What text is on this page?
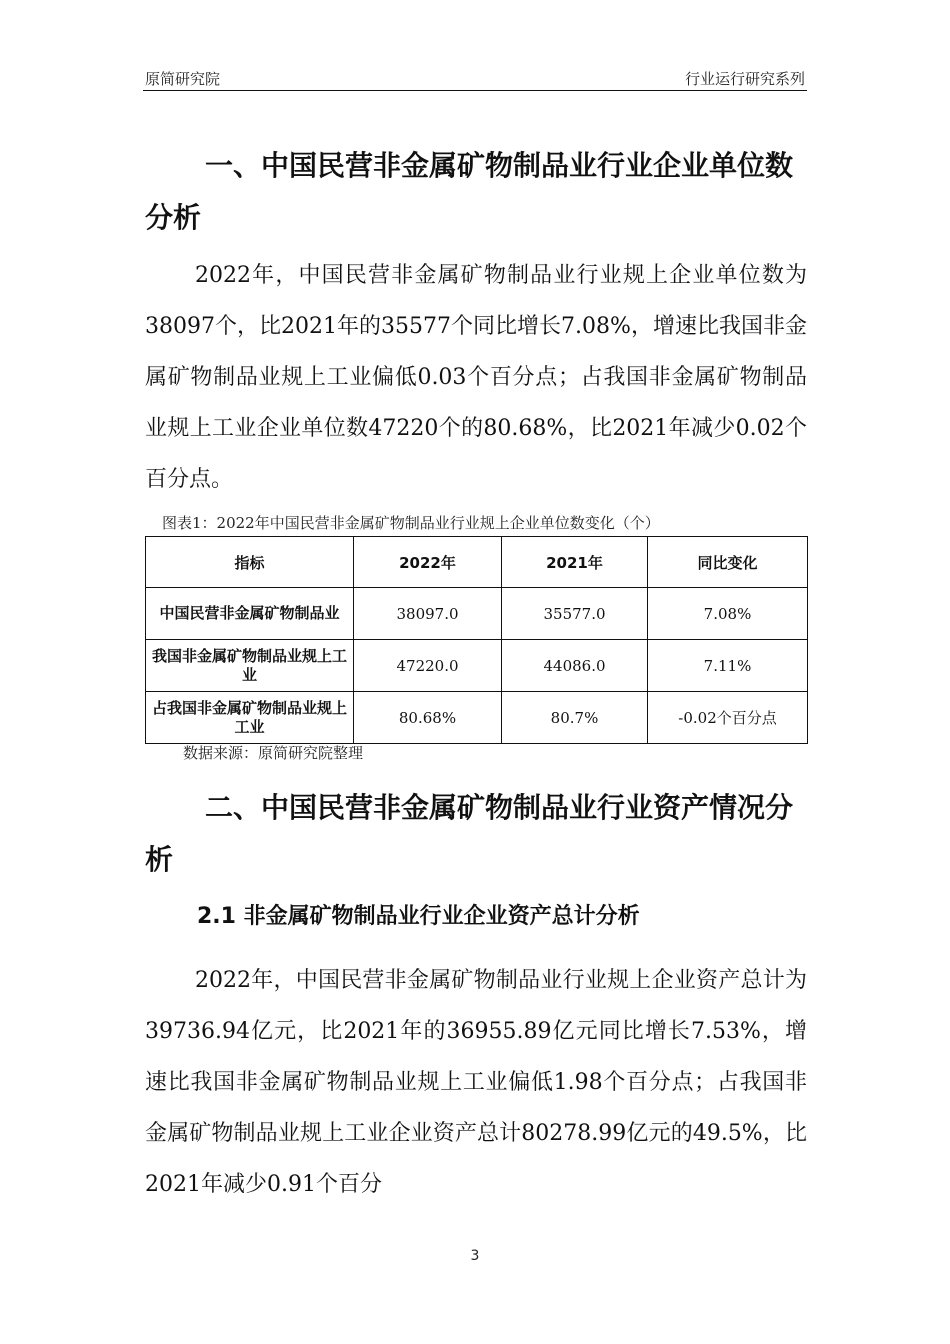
原简研究院	行业运行研究系列
一、中国民营非金属矿物制品业行业企业单位数分析

2022年，中国民营非金属矿物制品业行业规上企业单位数为38097个，比2021年的35577个同比增长7.08%，增速比我国非金属矿物制品业规上工业偏低0.03个百分点；占我国非金属矿物制品业规上工业企业单位数47220个的80.68%，比2021年减少0.02个百分点。

图表1：2022年中国民营非金属矿物制品业行业规上企业单位数变化（个）
指标	2022年	2021年	同比变化
中国民营非金属矿物制品业	38097.0	35577.0	7.08%
我国非金属矿物制品业规上工业	47220.0	44086.0	7.11%
占我国非金属矿物制品业规上工业	80.68%	80.7%	-0.02个百分点
数据来源：原简研究院整理
二、中国民营非金属矿物制品业行业资产情况分析
2.1 非金属矿物制品业行业企业资产总计分析

2022年，中国民营非金属矿物制品业行业规上企业资产总计为39736.94亿元，比2021年的36955.89亿元同比增长7.53%，增速比我国非金属矿物制品业规上工业偏低1.98个百分点；占我国非金属矿物制品业规上工业企业资产总计80278.99亿元的49.5%，比2021年减少0.91个百分

3
